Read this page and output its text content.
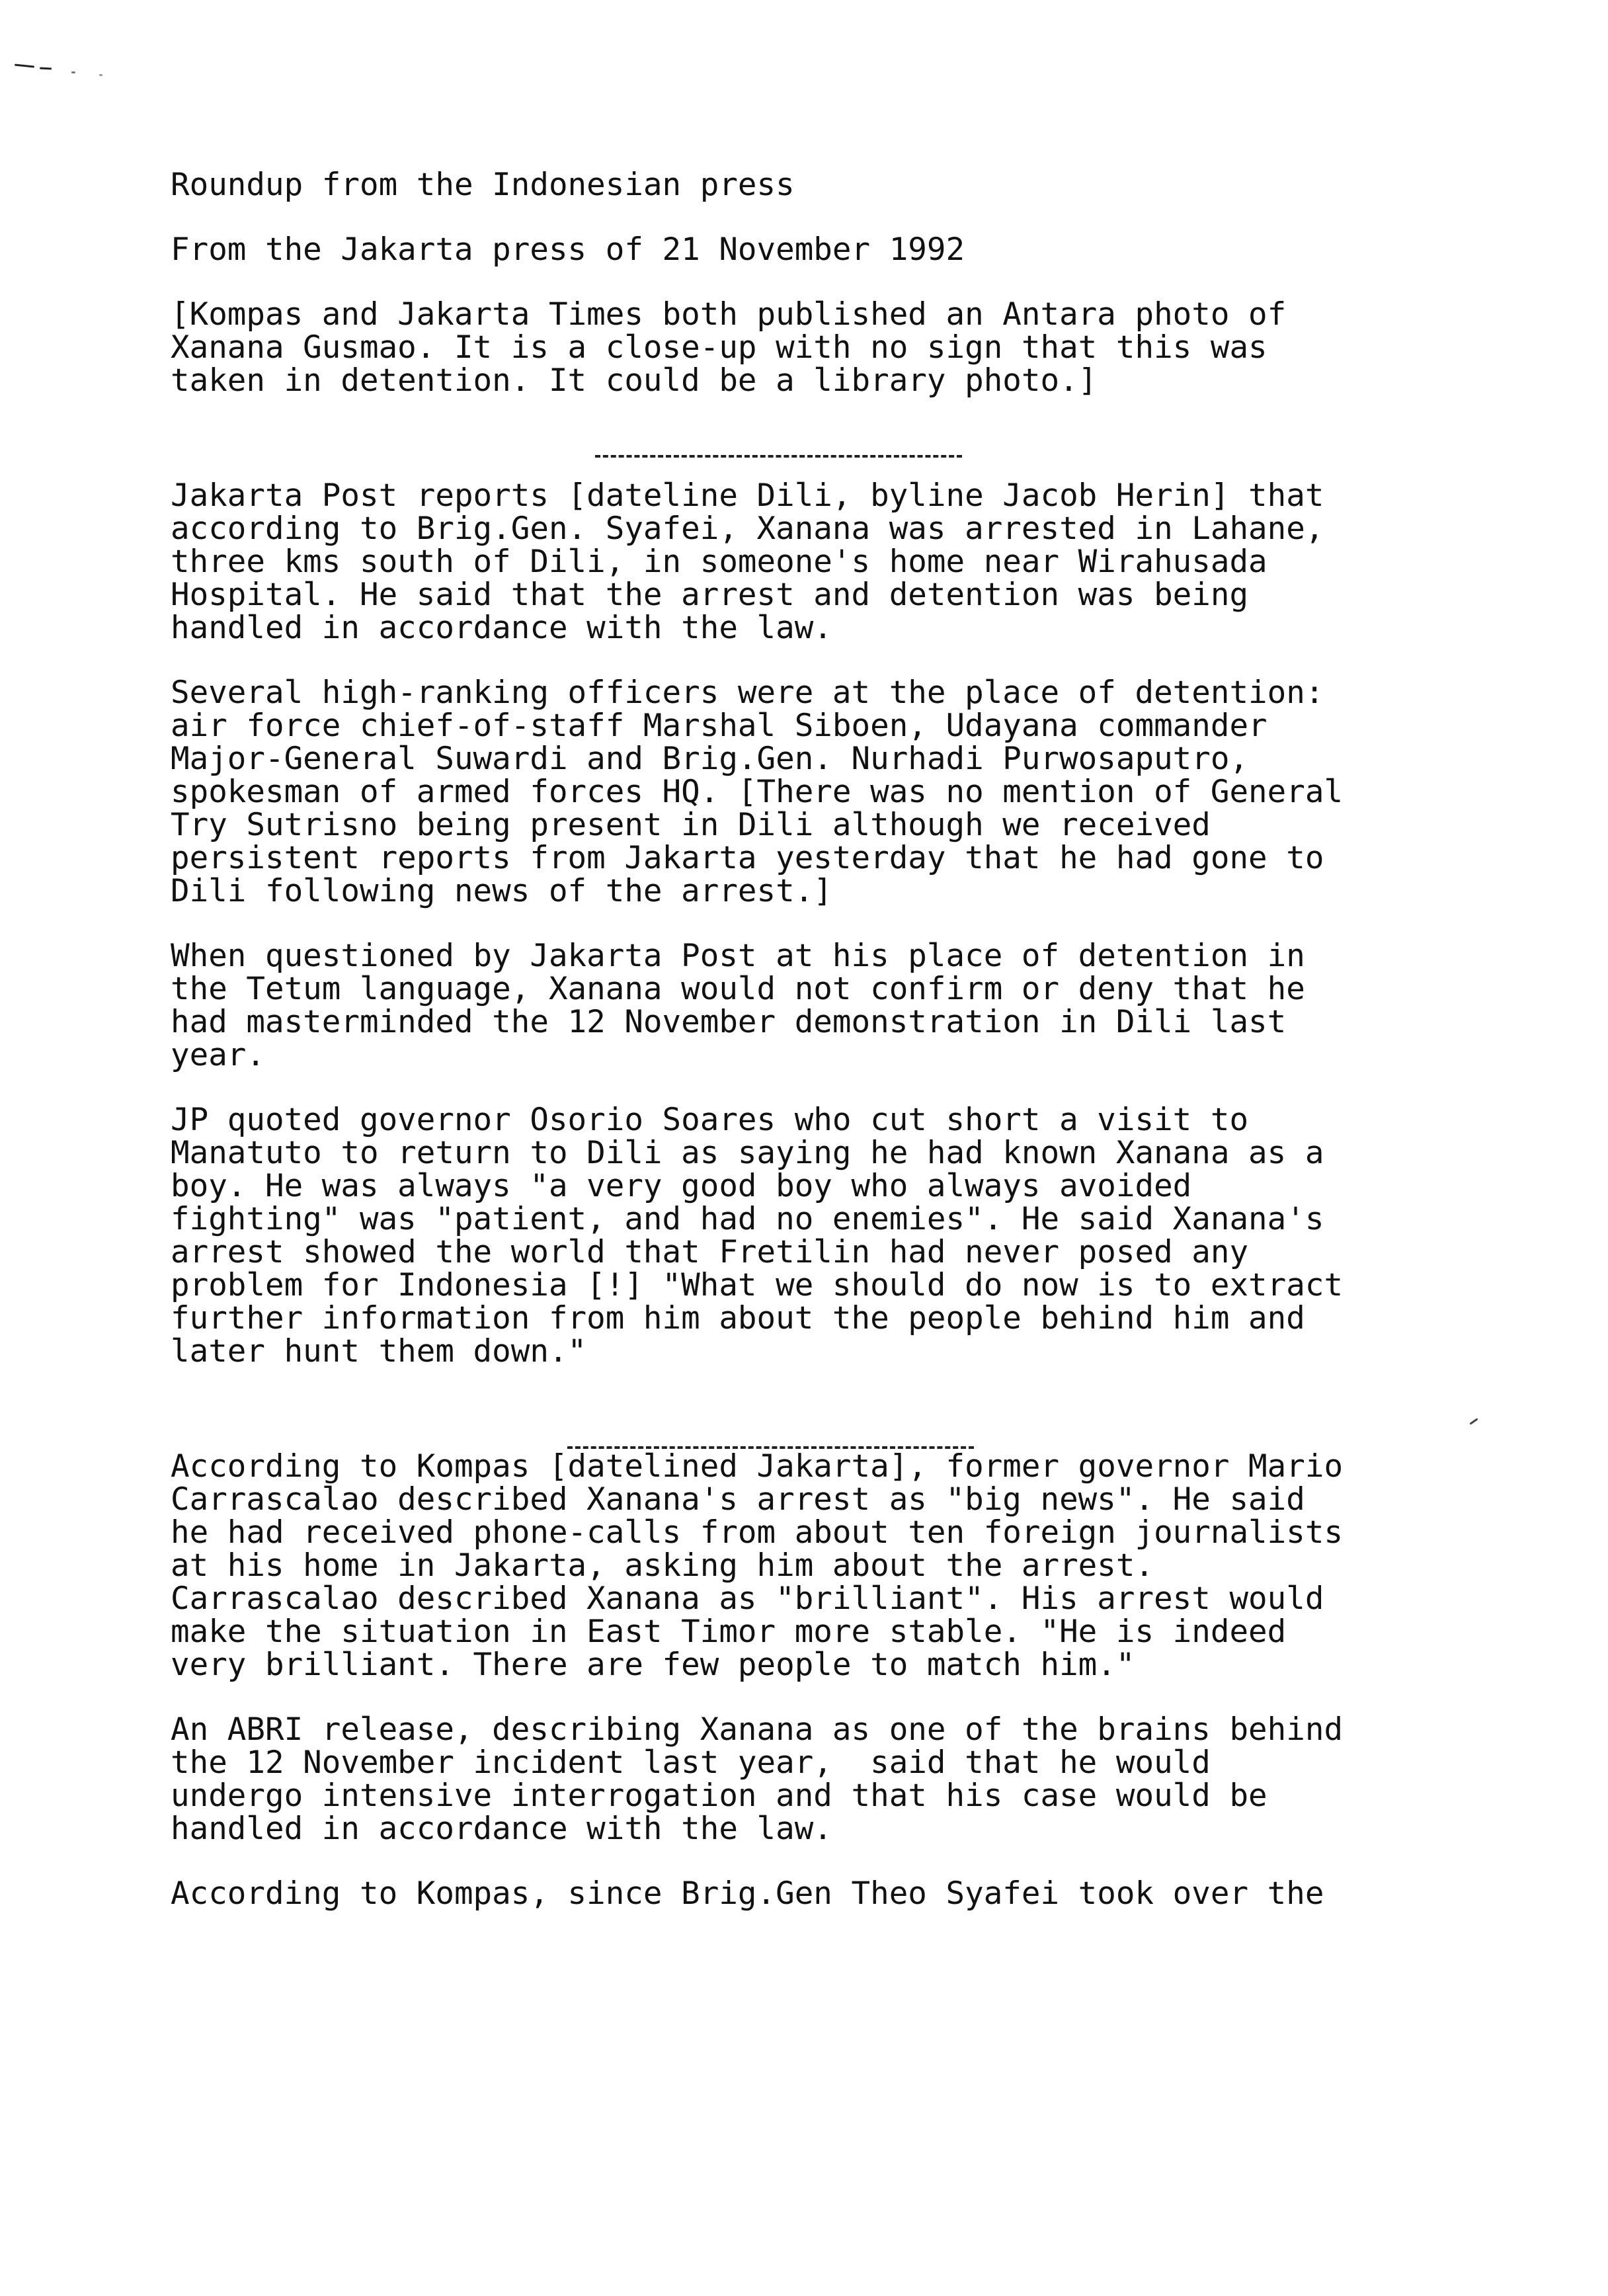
Roundup from the Indonesian press
From the Jakarta press of 21 November 1992
[Kompas and Jakarta Times both published an Antara photo of
Xanana Gusmao. It is a close-up with no sign that this was
taken in detention. It could be a library photo.]
Jakarta Post reports [dateline Dili, byline Jacob Herin] that
according to Brig.Gen. Syafei, Xanana was arrested in Lahane,
three kms south of Dili, in someone's home near Wirahusada
Hospital. He said that the arrest and detention was being
handled in accordance with the law.
Several high-ranking officers were at the place of detention:
air force chief-of-staff Marshal Siboen, Udayana commander
Major-General Suwardi and Brig.Gen. Nurhadi Purwosaputro,
spokesman of armed forces HQ. [There was no mention of General
Try Sutrisno being present in Dili although we received
persistent reports from Jakarta yesterday that he had gone to
Dili following news of the arrest.]
When questioned by Jakarta Post at his place of detention in
the Tetum language, Xanana would not confirm or deny that he
had masterminded the 12 November demonstration in Dili last
year.
JP quoted governor Osorio Soares who cut short a visit to
Manatuto to return to Dili as saying he had known Xanana as a
boy. He was always "a very good boy who always avoided
fighting" was "patient, and had no enemies". He said Xanana's
arrest showed the world that Fretilin had never posed any
problem for Indonesia [!] "What we should do now is to extract
further information from him about the people behind him and
later hunt them down."
According to Kompas [datelined Jakarta], former governor Mario
Carrascalao described Xanana's arrest as "big news". He said
he had received phone-calls from about ten foreign journalists
at his home in Jakarta, asking him about the arrest.
Carrascalao described Xanana as "brilliant". His arrest would
make the situation in East Timor more stable. "He is indeed
very brilliant. There are few people to match him."
An ABRI release, describing Xanana as one of the brains behind
the 12 November incident last year,  said that he would
undergo intensive interrogation and that his case would be
handled in accordance with the law.
According to Kompas, since Brig.Gen Theo Syafei took over the
